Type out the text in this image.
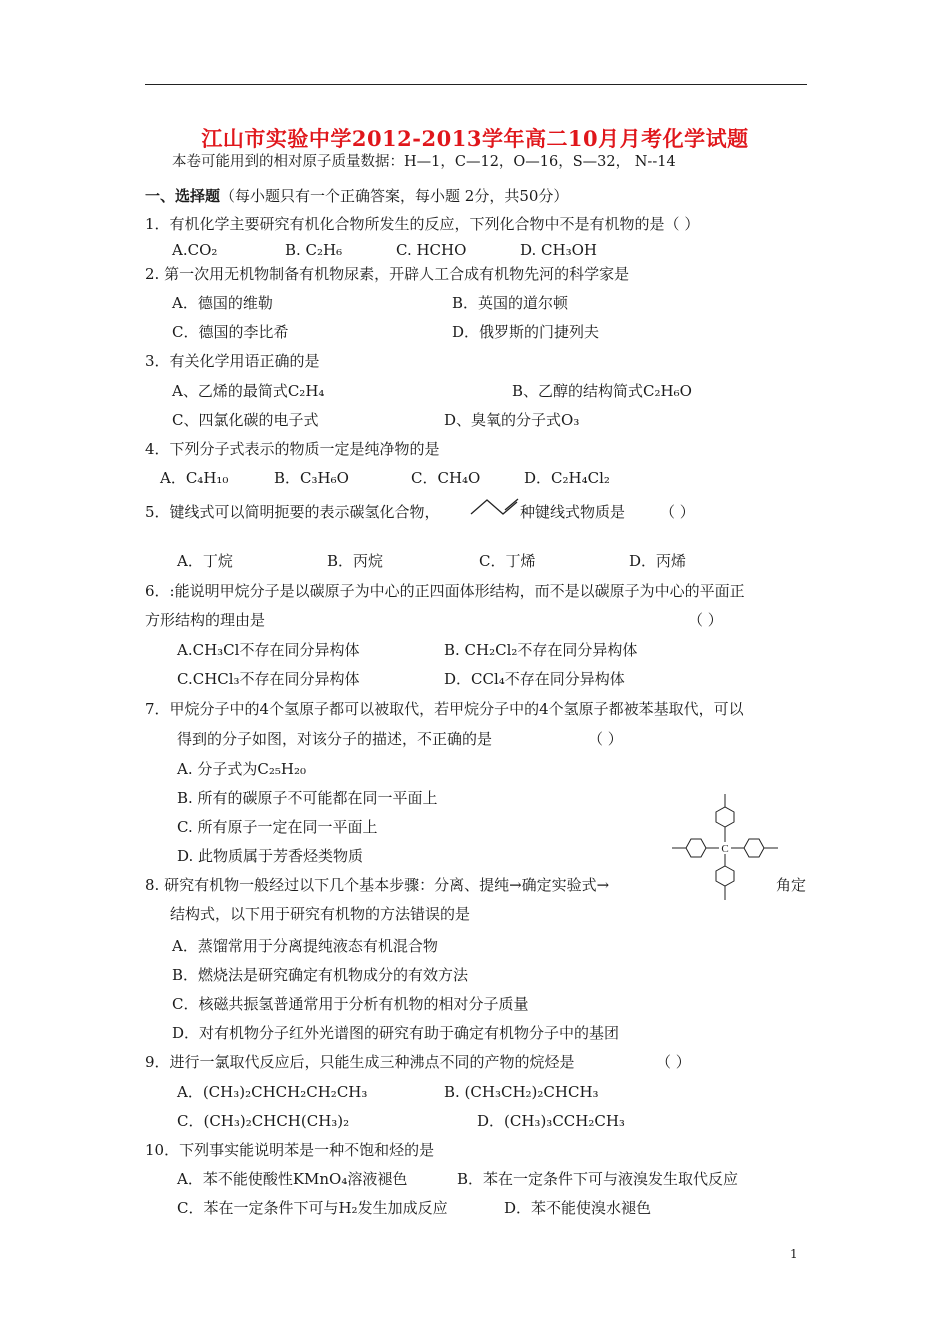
江山市实验中学2012-2013学年高二10月月考化学试题
本卷可能用到的相对原子质量数据：H—1，C—12，O—16，S—32， N--14
一、选择题（每小题只有一个正确答案，每小题 2分，共50分）
1．有机化学主要研究有机化合物所发生的反应，下列化合物中不是有机物的是（ ）
A.CO₂	B. C₂H₆	C. HCHO	D. CH₃OH
2. 第一次用无机物制备有机物尿素，开辟人工合成有机物先河的科学家是
A．德国的维勒	B．英国的道尔顿
C．德国的李比希	D．俄罗斯的门捷列夫
3．有关化学用语正确的是
A、乙烯的最简式C₂H₄	B、乙醇的结构简式C₂H₆O
C、四氯化碳的电子式	D、臭氧的分子式O₃
4．下列分子式表示的物质一定是纯净物的是
A．C₄H₁₀	B．C₃H₆O	C．CH₄O	D．C₂H₄Cl₂
5．键线式可以简明扼要的表示碳氢化合物，	种键线式物质是 （ ）
A．丁烷	B．丙烷	C．丁烯	D．丙烯
6．:能说明甲烷分子是以碳原子为中心的正四面体形结构，而不是以碳原子为中心的平面正
方形结构的理由是	（ ）
A.CH₃Cl不存在同分异构体	B. CH₂Cl₂不存在同分异构体
C.CHCl₃不存在同分异构体	D．CCl₄不存在同分异构体
7．甲烷分子中的4个氢原子都可以被取代，若甲烷分子中的4个氢原子都被苯基取代，可以
得到的分子如图，对该分子的描述，不正确的是	（ ）
A. 分子式为C₂₅H₂₀
B. 所有的碳原子不可能都在同一平面上
C. 所有原子一定在同一平面上
D. 此物质属于芳香烃类物质	C
8. 研究有机物一般经过以下几个基本步骤：分离、提纯→确定实验式→	角定
结构式，以下用于研究有机物的方法错误的是
A．蒸馏常用于分离提纯液态有机混合物
B．燃烧法是研究确定有机物成分的有效方法
C．核磁共振氢普通常用于分析有机物的相对分子质量
D．对有机物分子红外光谱图的研究有助于确定有机物分子中的基团
9．进行一氯取代反应后，只能生成三种沸点不同的产物的烷烃是	（ ）
A．(CH₃)₂CHCH₂CH₂CH₃	B. (CH₃CH₂)₂CHCH₃
C．(CH₃)₂CHCH(CH₃)₂	D．(CH₃)₃CCH₂CH₃
10．下列事实能说明苯是一种不饱和烃的是
A．苯不能使酸性KMnO₄溶液褪色	B．苯在一定条件下可与液溴发生取代反应
C．苯在一定条件下可与H₂发生加成反应	D．苯不能使溴水褪色
1
